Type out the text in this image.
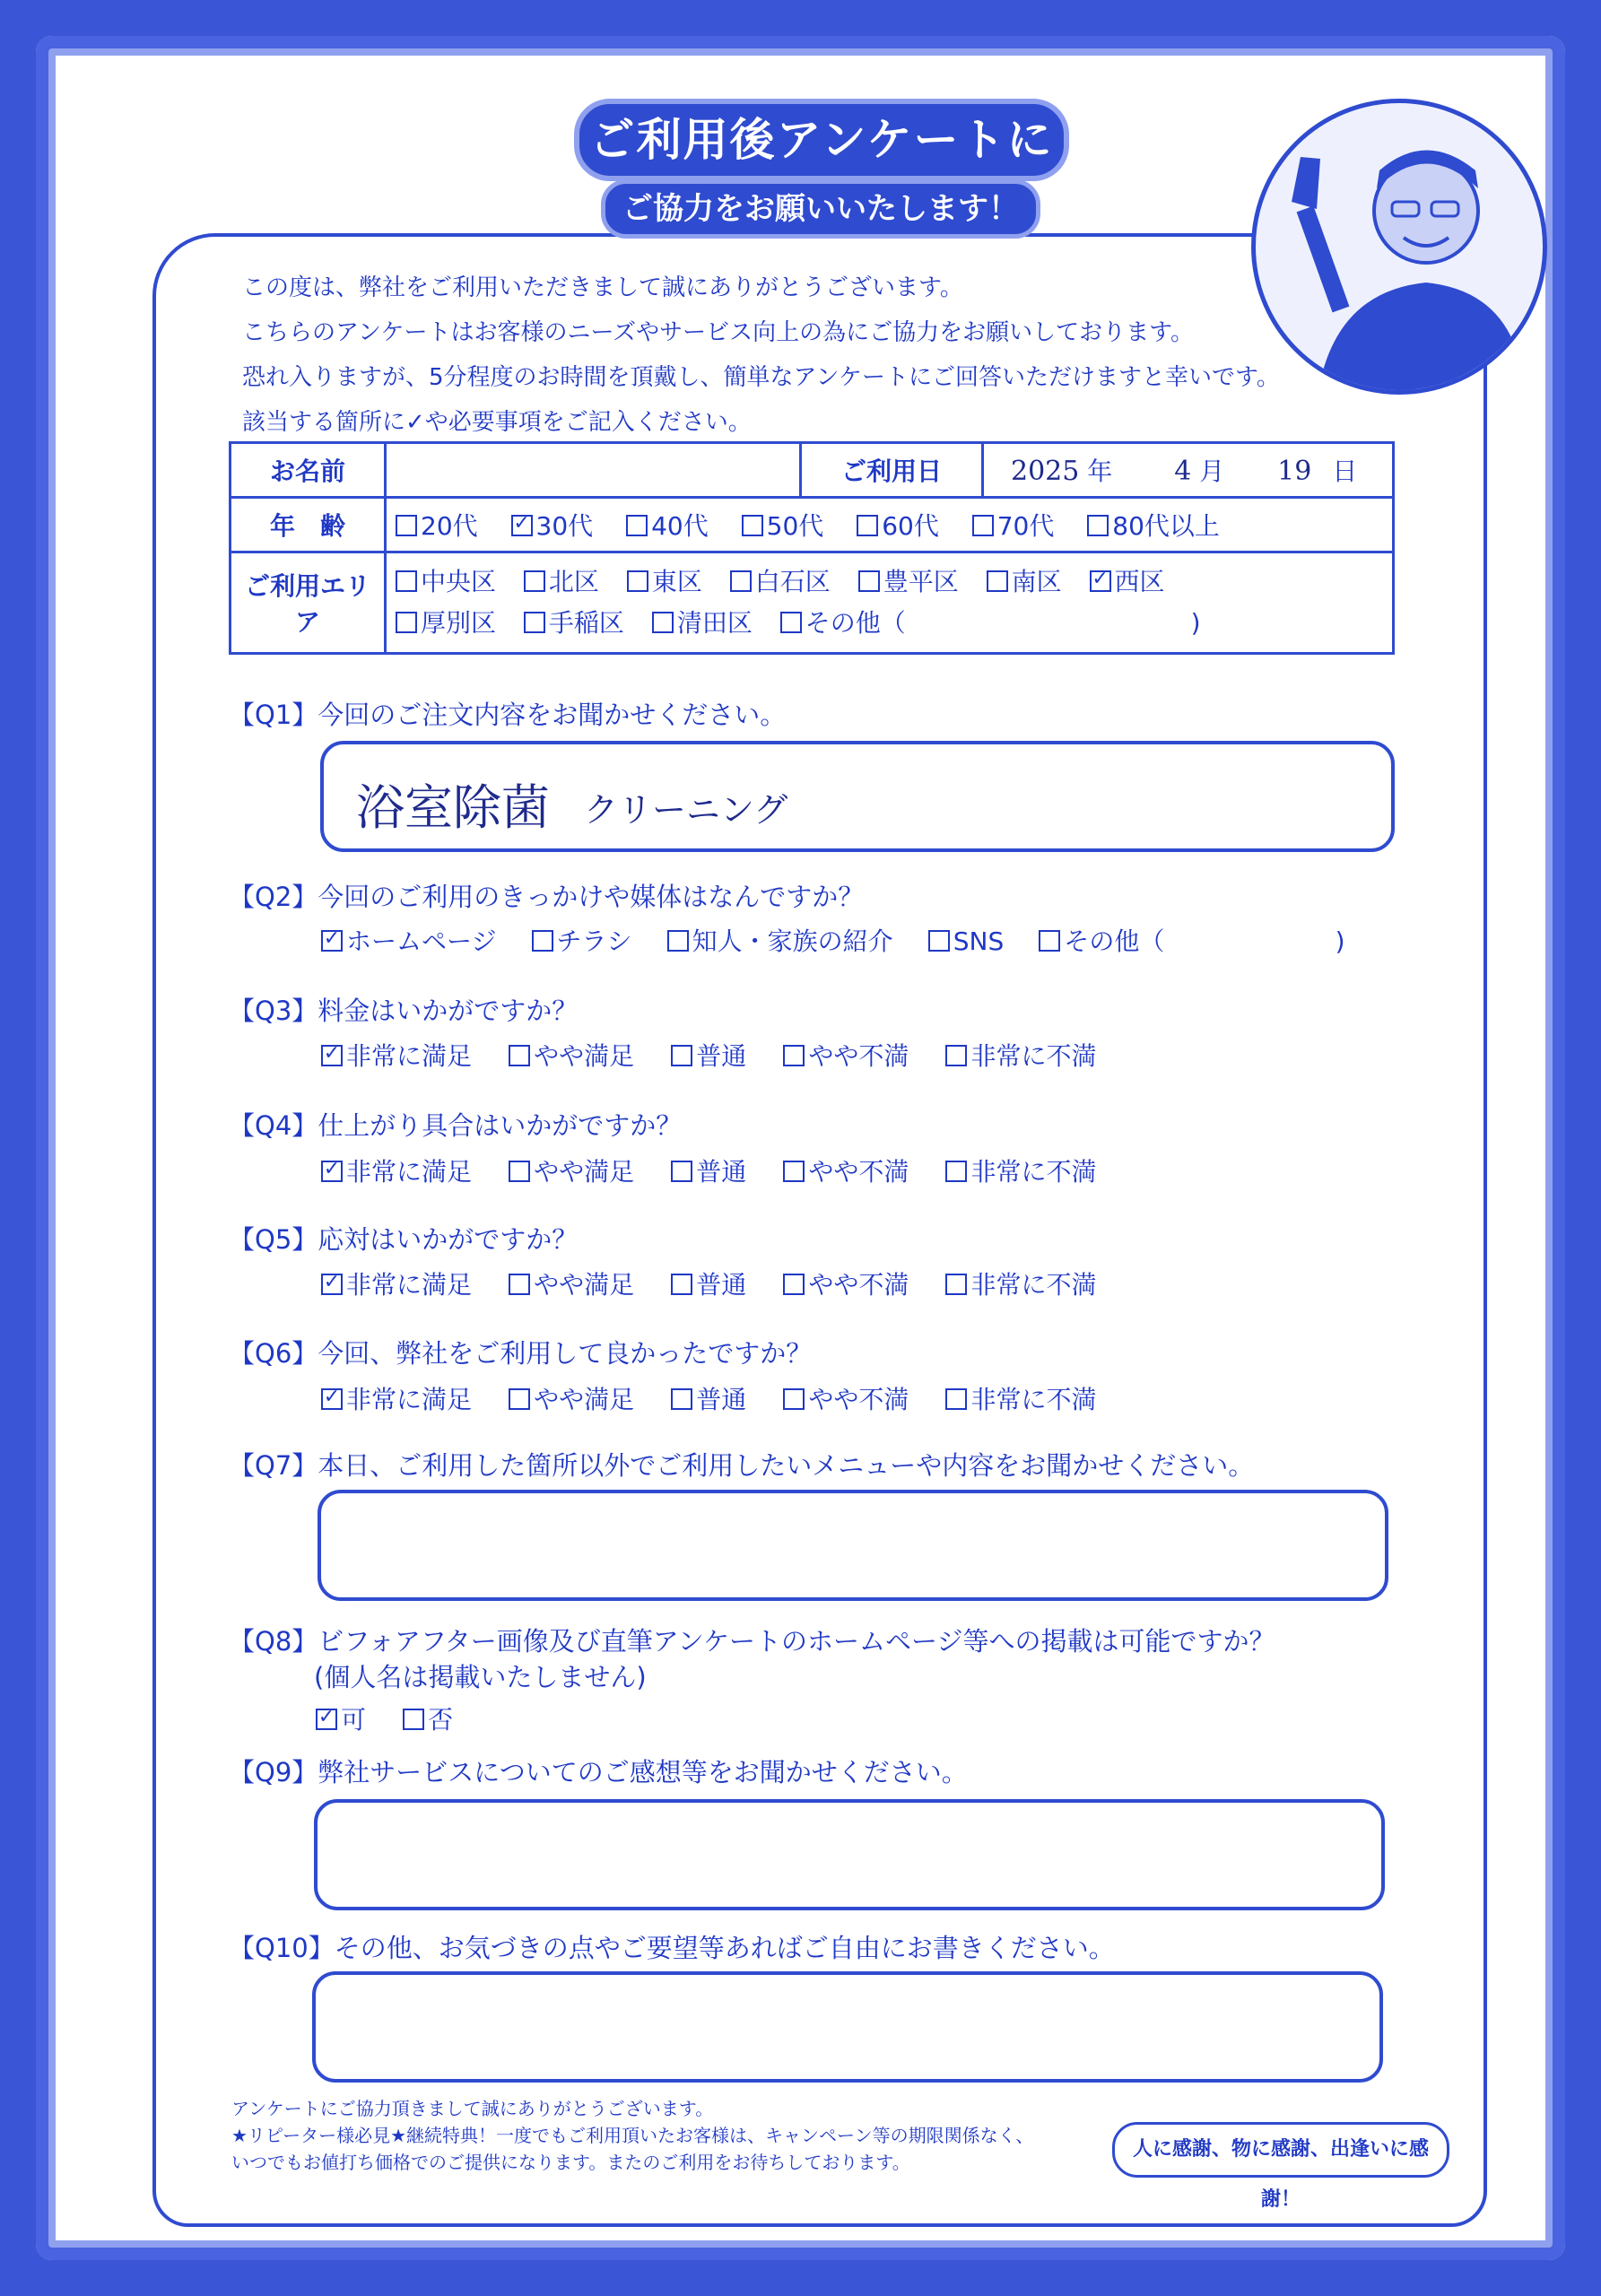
ご利用後アンケートに
ご協力をお願いいたします！

この度は、弊社をご利用いただきまして誠にありがとうございます。

こちらのアンケートはお客様のニーズやサービス向上の為にご協力をお願いしております。

恐れ入りますが、5分程度のお時間を頂戴し、簡単なアンケートにご回答いただけますと幸いです。

該当する箇所に✓や必要事項をご記入ください。

お名前		ご利用日	2025 年 4 月 19 日
年　齢	20代 ✓ 30代 40代 50代 60代 70代 80代以上		
ご利用エリア	中央区 北区 東区 白石区 豊平区 南区 ✓ 西区
厚別区 手稲区 清田区 その他（ )		
【Q1】今回のご注文内容をお聞かせください。
浴室除菌 クリーニング
【Q2】今回のご利用のきっかけや媒体はなんですか？
✓ ホームページ チラシ 知人・家族の紹介 SNS その他（	)
【Q3】料金はいかがですか？
✓ 非常に満足 やや満足 普通 やや不満 非常に不満
【Q4】仕上がり具合はいかがですか？
✓ 非常に満足 やや満足 普通 やや不満 非常に不満
【Q5】応対はいかがですか？
✓ 非常に満足 やや満足 普通 やや不満 非常に不満
【Q6】今回、弊社をご利用して良かったですか？
✓ 非常に満足 やや満足 普通 やや不満 非常に不満
【Q7】本日、ご利用した箇所以外でご利用したいメニューや内容をお聞かせください。
【Q8】ビフォアフター画像及び直筆アンケートのホームページ等への掲載は可能ですか？
(個人名は掲載いたしません)
✓ 可 否
【Q9】弊社サービスについてのご感想等をお聞かせください。
【Q10】その他、お気づきの点やご要望等あればご自由にお書きください。
アンケートにご協力頂きまして誠にありがとうございます。
★リピーター様必見★継続特典！一度でもご利用頂いたお客様は、キャンペーン等の期限関係なく、
いつでもお値打ち価格でのご提供になります。またのご利用をお待ちしております。
人に感謝、物に感謝、出逢いに感謝！
